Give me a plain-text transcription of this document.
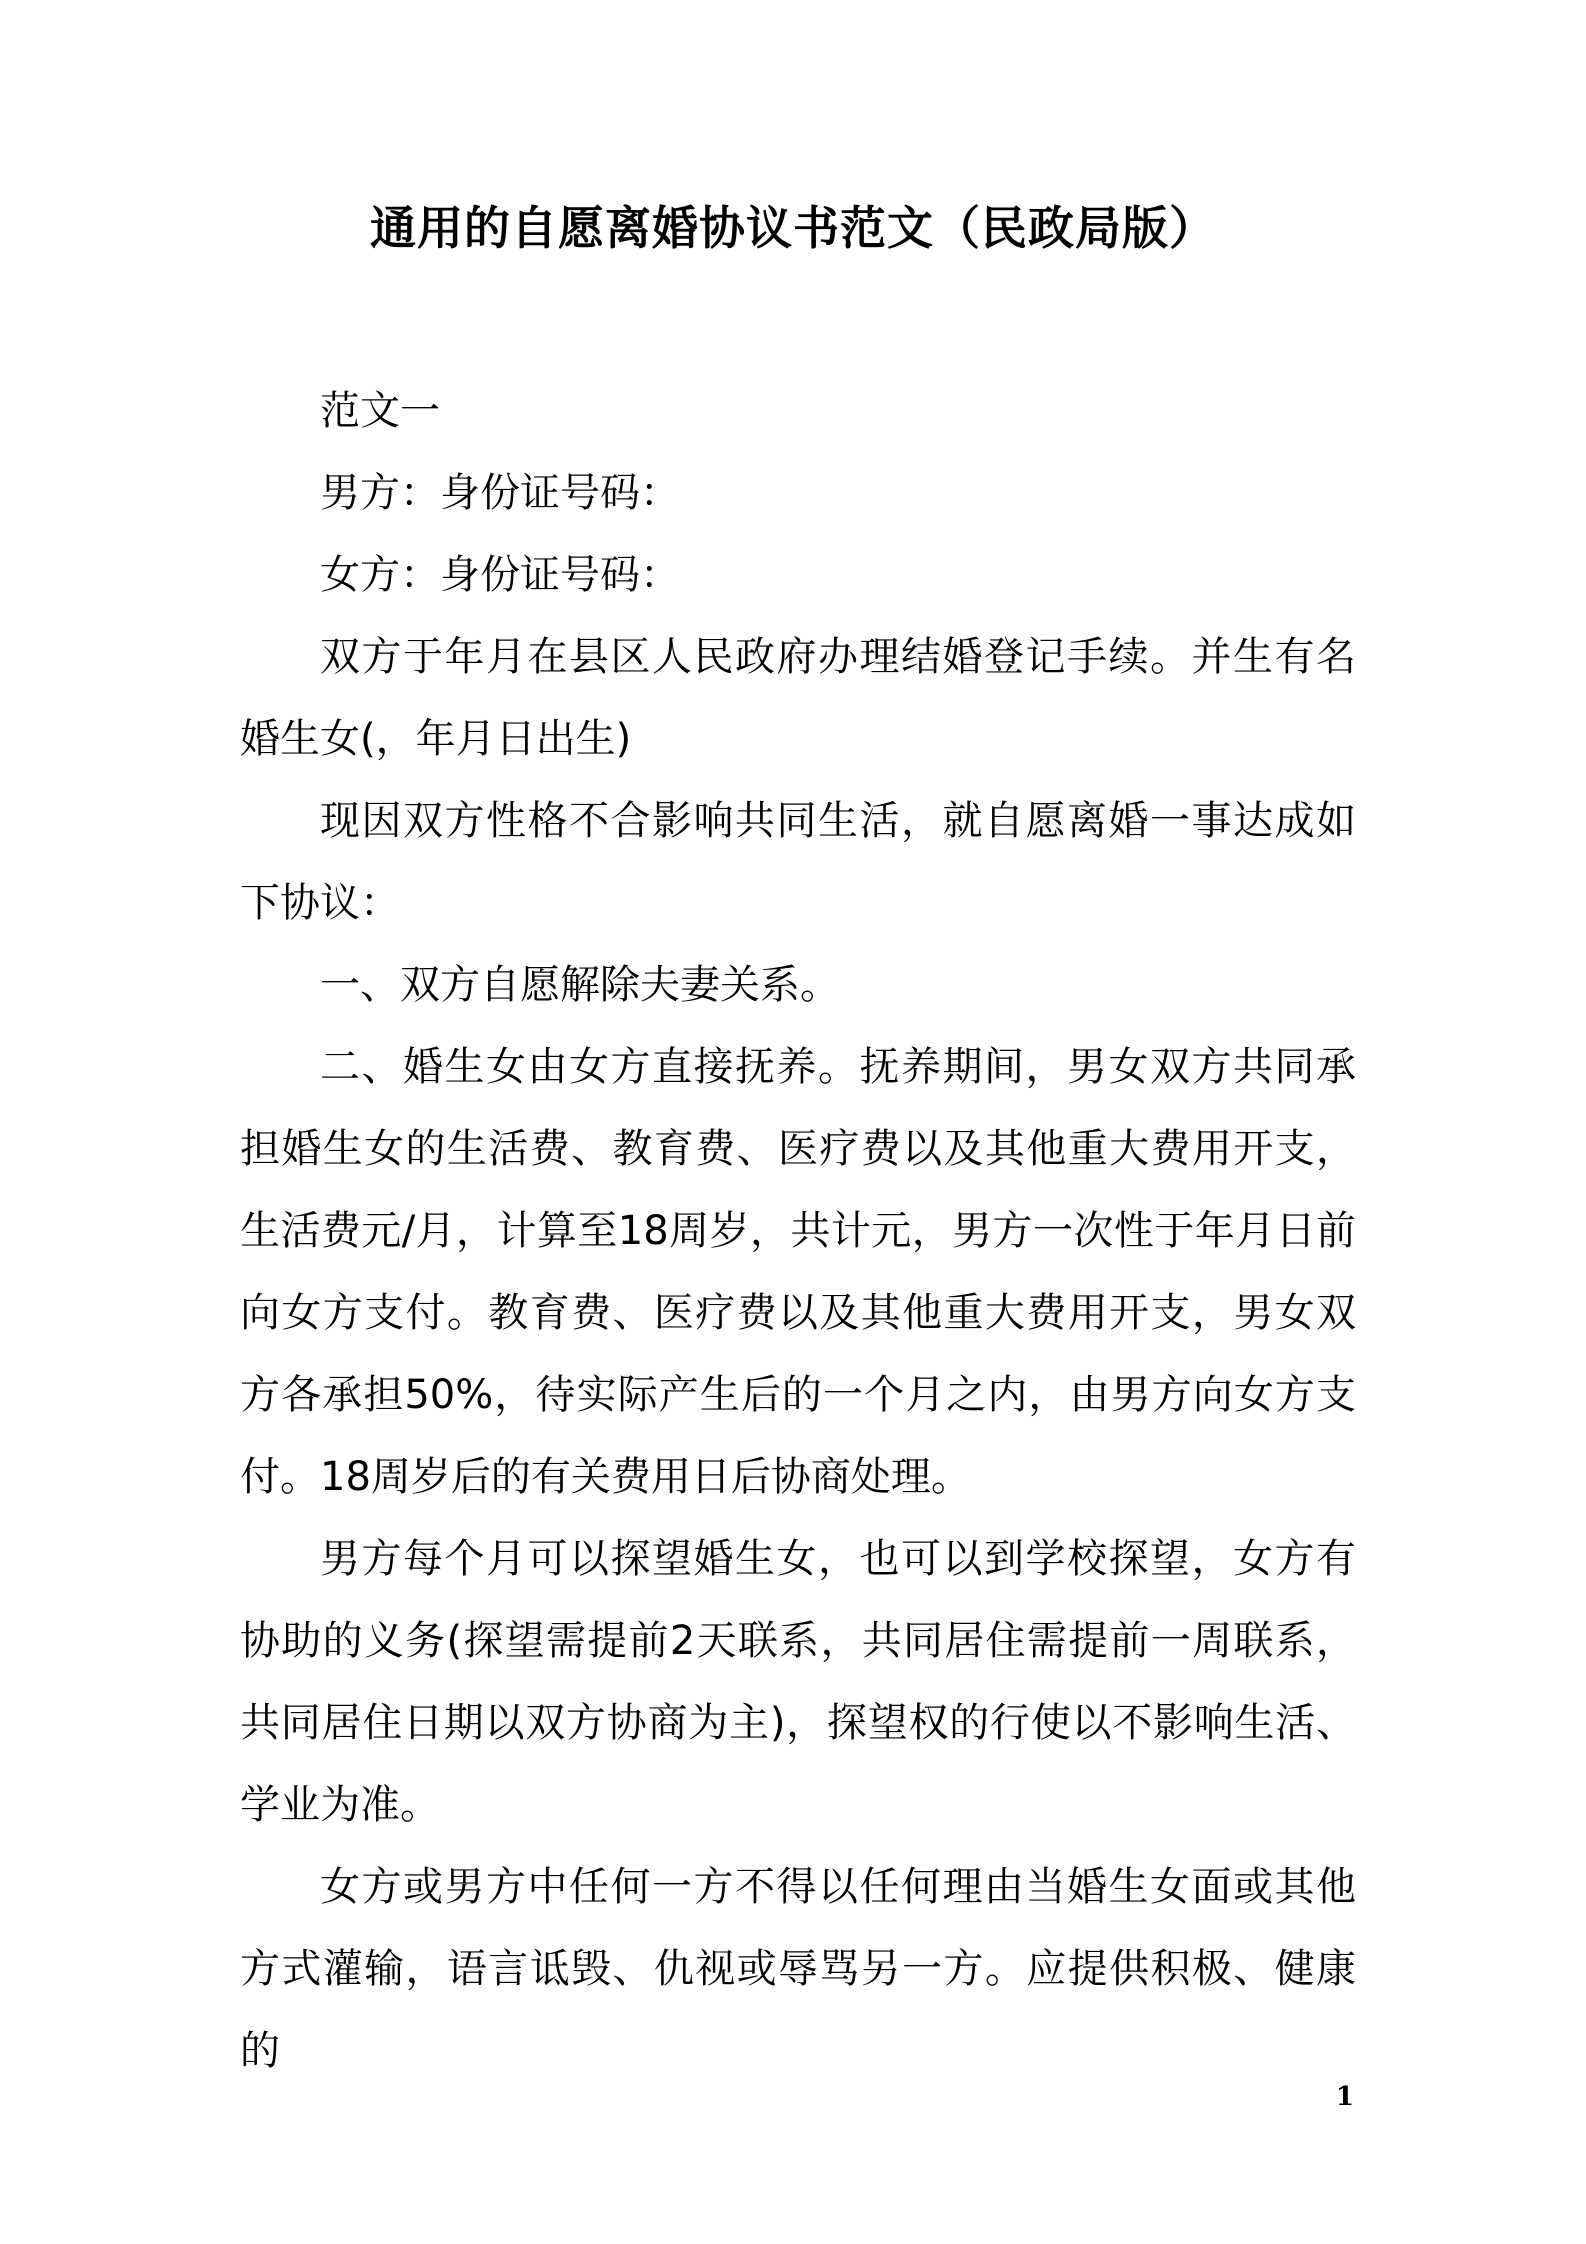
通用的自愿离婚协议书范文（民政局版）

范文一

男方：身份证号码：

女方：身份证号码：

双方于年月在县区人民政府办理结婚登记手续。并生有名婚生女(，年月日出生)

现因双方性格不合影响共同生活，就自愿离婚一事达成如下协议：

一、双方自愿解除夫妻关系。

二、婚生女由女方直接抚养。抚养期间，男女双方共同承担婚生女的生活费、教育费、医疗费以及其他重大费用开支，生活费元/月，计算至18周岁，共计元，男方一次性于年月日前向女方支付。教育费、医疗费以及其他重大费用开支，男女双方各承担50%，待实际产生后的一个月之内，由男方向女方支付。18周岁后的有关费用日后协商处理。

男方每个月可以探望婚生女，也可以到学校探望，女方有协助的义务(探望需提前2天联系，共同居住需提前一周联系，共同居住日期以双方协商为主)，探望权的行使以不影响生活、学业为准。

女方或男方中任何一方不得以任何理由当婚生女面或其他方式灌输，语言诋毁、仇视或辱骂另一方。应提供积极、健康的

1
